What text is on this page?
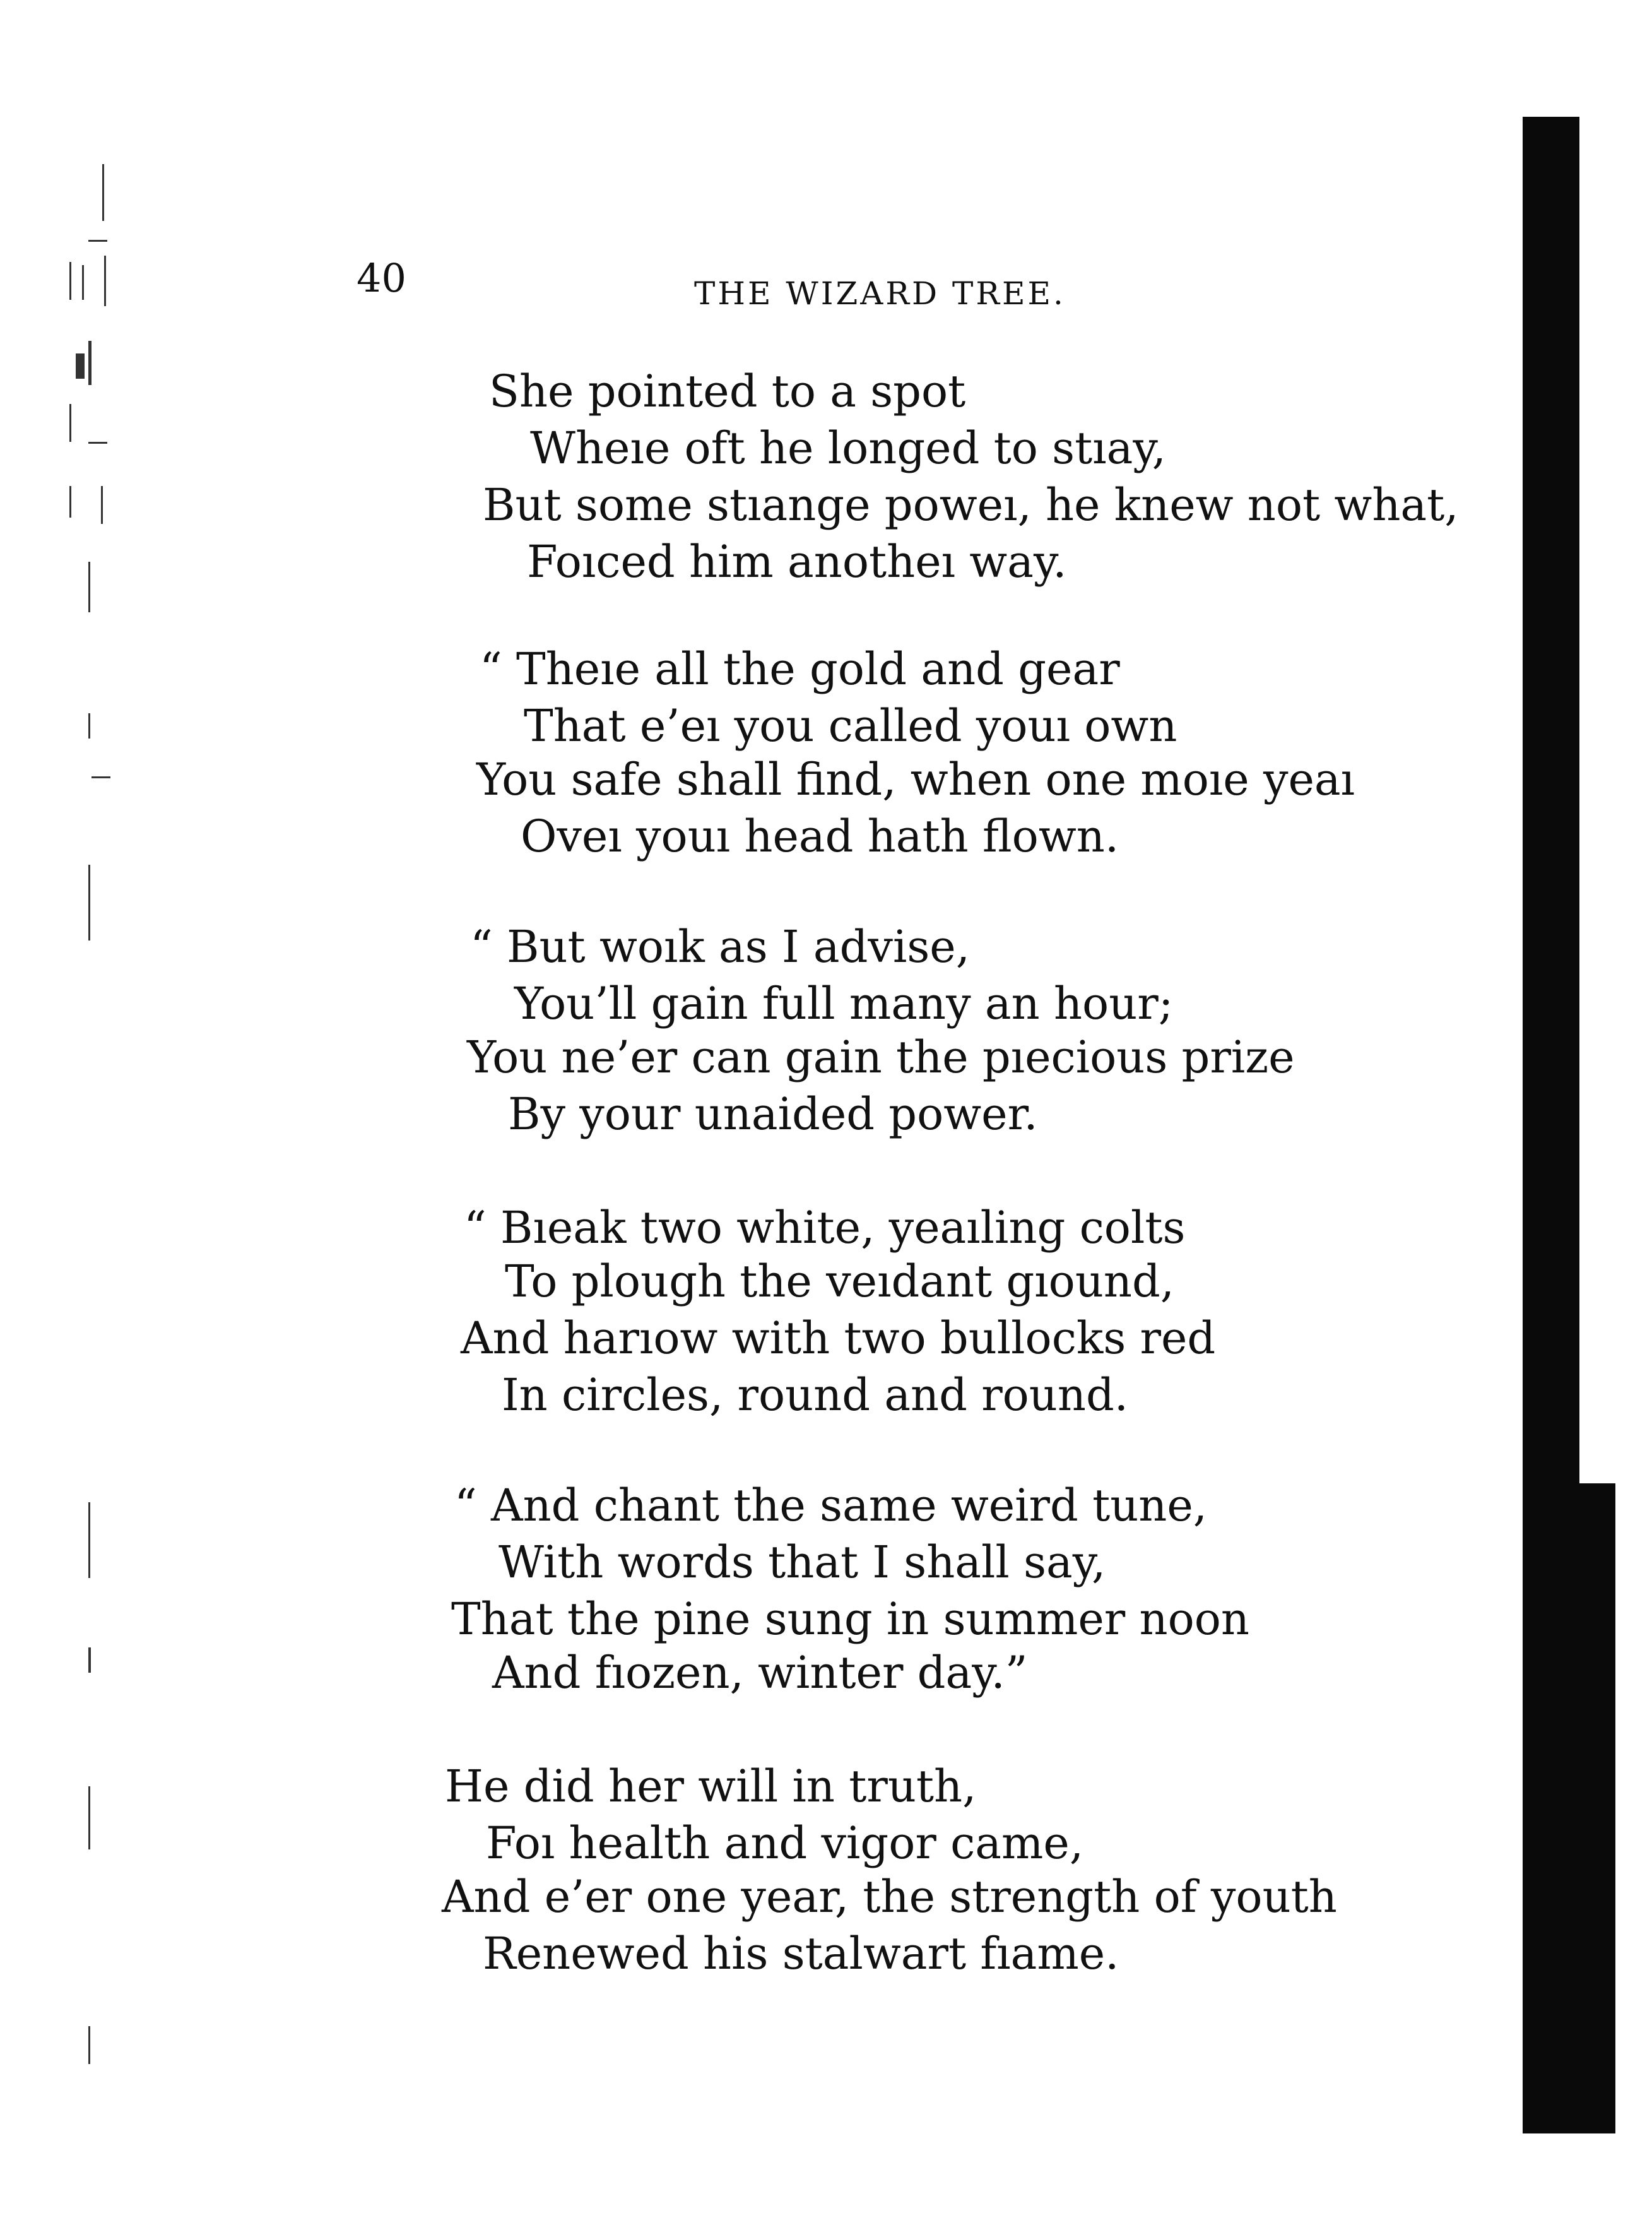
40	THE WIZARD TREE.
She pointed to a spot
Wheıe oft he longed to stıay,
But some stıange poweı, he knew not what,
Foıced him anotheı way.
“ Theıe all the gold and gear
That e’eı you called youı own
You safe shall find, when one moıe yeaı
Oveı youı head hath flown.
“ But woık as I advise,
You’ll gain full many an hour;
You ne’er can gain the pıecious prize
By your unaided power.
“ Bıeak two white, yeaıling colts
To plough the veıdant gıound,
And harıow with two bullocks red
In circles, round and round.
“ And chant the same weird tune,
With words that I shall say,
That the pine sung in summer noon
And fıozen, winter day.”
He did her will in truth,
Foı health and vigor came,
And e’er one year, the strength of youth
Renewed his stalwart fıame.
